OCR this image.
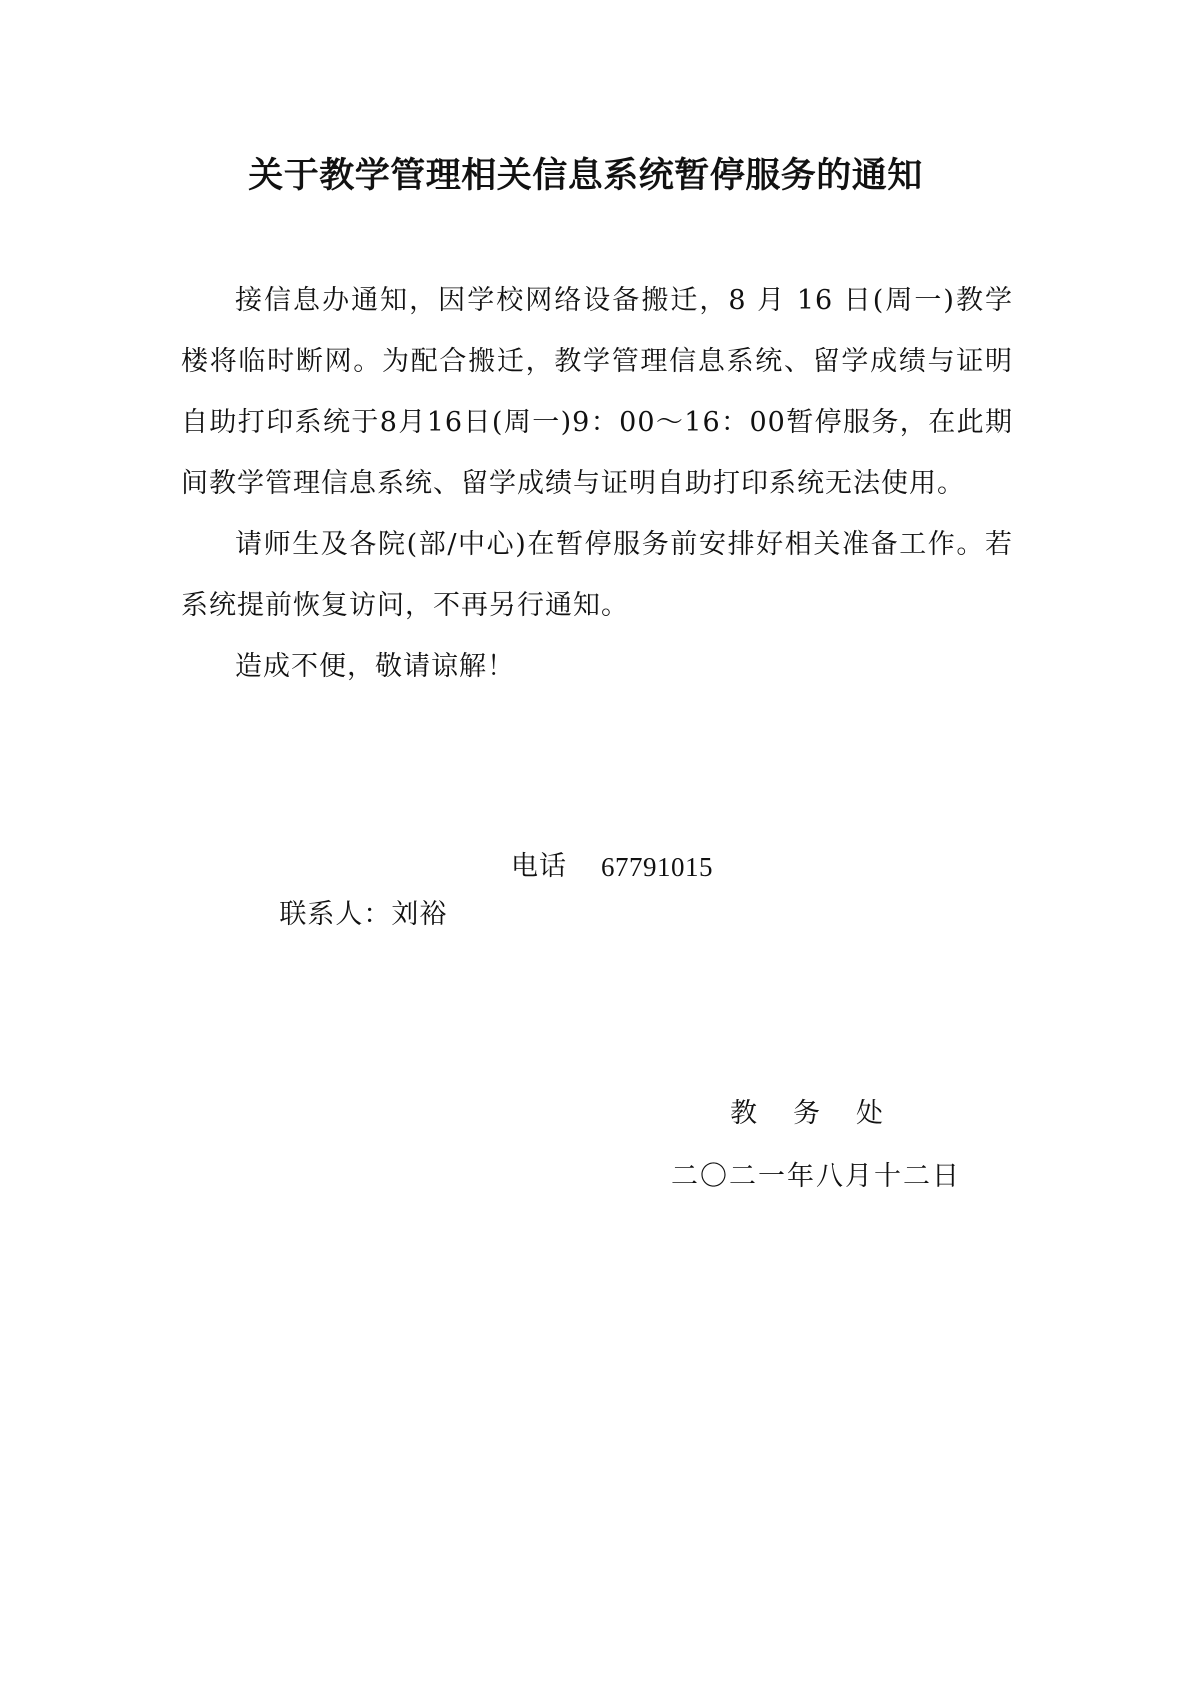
关于教学管理相关信息系统暂停服务的通知

接信息办通知，因学校网络设备搬迁，8 月 16 日(周一)教学楼将临时断网。为配合搬迁，教学管理信息系统、留学成绩与证明自助打印系统于8月16日(周一)9：00～16：00暂停服务，在此期间教学管理信息系统、留学成绩与证明自助打印系统无法使用。

请师生及各院(部/中心)在暂停服务前安排好相关准备工作。若系统提前恢复访问，不再另行通知。

造成不便，敬请谅解！

联系人：刘裕

电话

67791015

教务处
二〇二一年八月十二日
